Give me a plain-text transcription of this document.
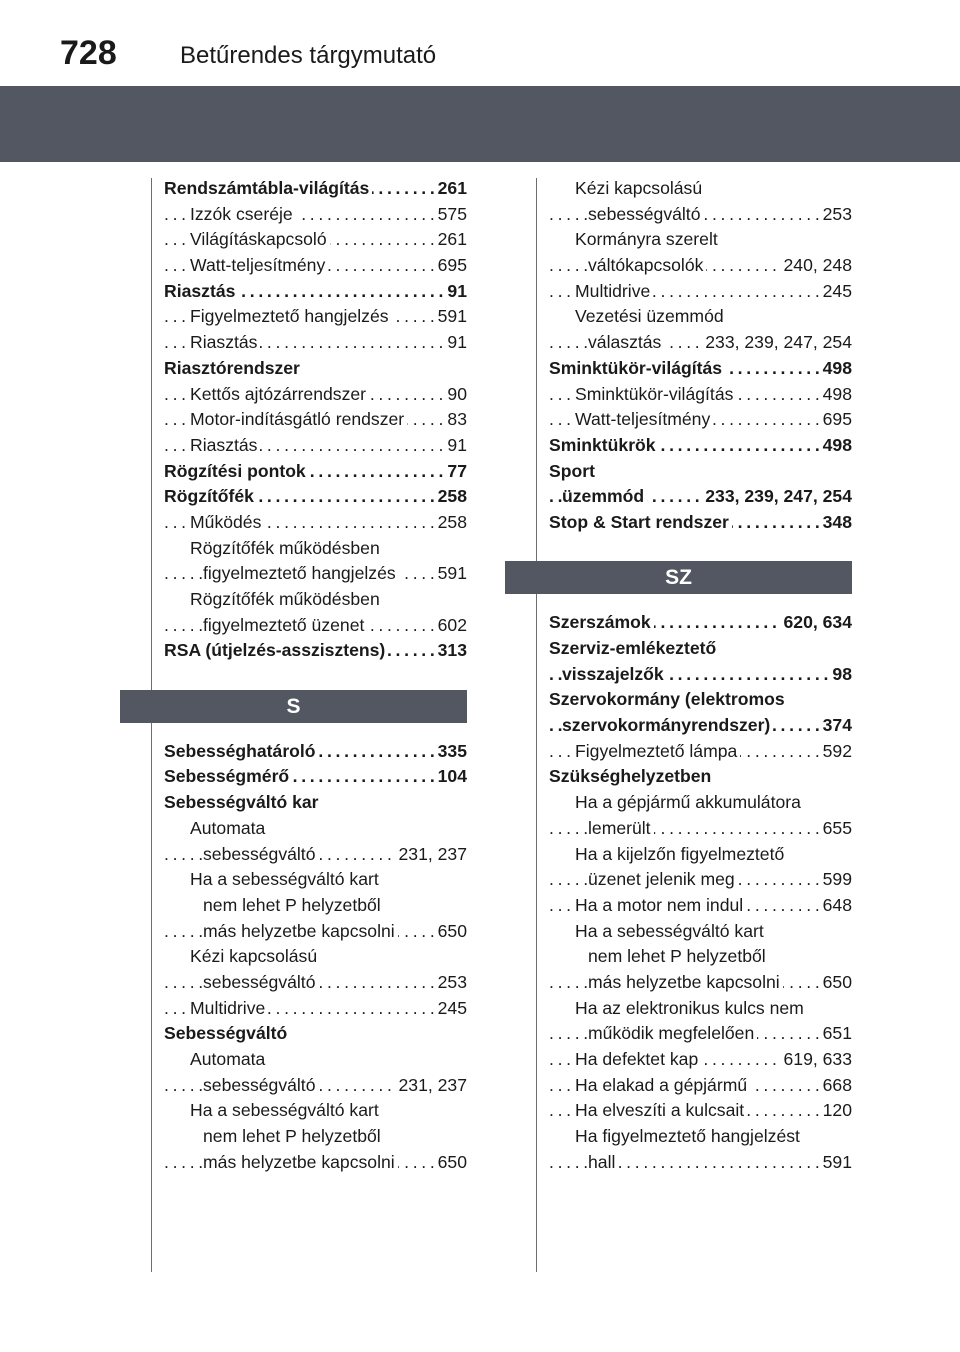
728	Betűrendes tárgymutató
Rendszámtábla-világítás	261
. . .
Izzók cseréje	575
. . .
Világításkapcsoló	261
. . .
Watt-teljesítmény	695
. . .
Riasztás	91
. . .
Figyelmeztető hangjelzés	591
. . .
Riasztás	91
. . .
Riasztórendszer
Kettős ajtózárrendszer	90
. . .
Motor-indításgátló rendszer 83
. . .
Riasztás	91
. . .
Rögzítési pontok	77
. . .
Rögzítőfék	258
. . .
Működés	258
. . .
Rögzítőfék működésben
figyelmeztető hangjelzés 591
. . .
Rögzítőfék működésben
figyelmeztető üzenet	602
. . .
RSA (útjelzés-asszisztens)	313
. . .
S
Sebességhatároló	335
. . .
Sebességmérő	104
. . .
Sebességváltó kar
Automata
sebességváltó	231, 237
. . .
Ha a sebességváltó kart
nem lehet P helyzetből
más helyzetbe kapcsolni 650
. . .
Kézi kapcsolású
sebességváltó	253
. . .
Multidrive	245
. . .
Sebességváltó
Automata
sebességváltó	231, 237
. . .
Ha a sebességváltó kart
nem lehet P helyzetből
más helyzetbe kapcsolni 650
. . .
Kézi kapcsolású
sebességváltó	253
. . .
Kormányra szerelt
váltókapcsolók	240, 248
. . .
Multidrive	245
. . .
Vezetési üzemmód
választás 233, 239, 247, 254
. . .
Sminktükör-világítás	498
. . .
Sminktükör-világítás	498
. . .
Watt-teljesítmény	695
. . .
Sminktükrök	498
. . .
Sport
üzemmód	233, 239, 247, 254
. . .
Stop & Start rendszer	348
. . .
SZ
Szerszámok	620, 634
. . .
Szerviz-emlékeztető
visszajelzők	98
. . .
Szervokormány (elektromos
szervokormányrendszer)	374
. . .
Figyelmeztető lámpa	592
. . .
Szükséghelyzetben
Ha a gépjármű akkumulátora
lemerült	655
. . .
Ha a kijelzőn figyelmeztető
üzenet jelenik meg	599
. . .
Ha a motor nem indul	648
. . .
Ha a sebességváltó kart
nem lehet P helyzetből
más helyzetbe kapcsolni 650
. . .
Ha az elektronikus kulcs nem
működik megfelelően	651
. . .
Ha defektet kap	619, 633
. . .
Ha elakad a gépjármű	668
. . .
Ha elveszíti a kulcsait	120
. . .
Ha figyelmeztető hangjelzést
hall	591
. . .
